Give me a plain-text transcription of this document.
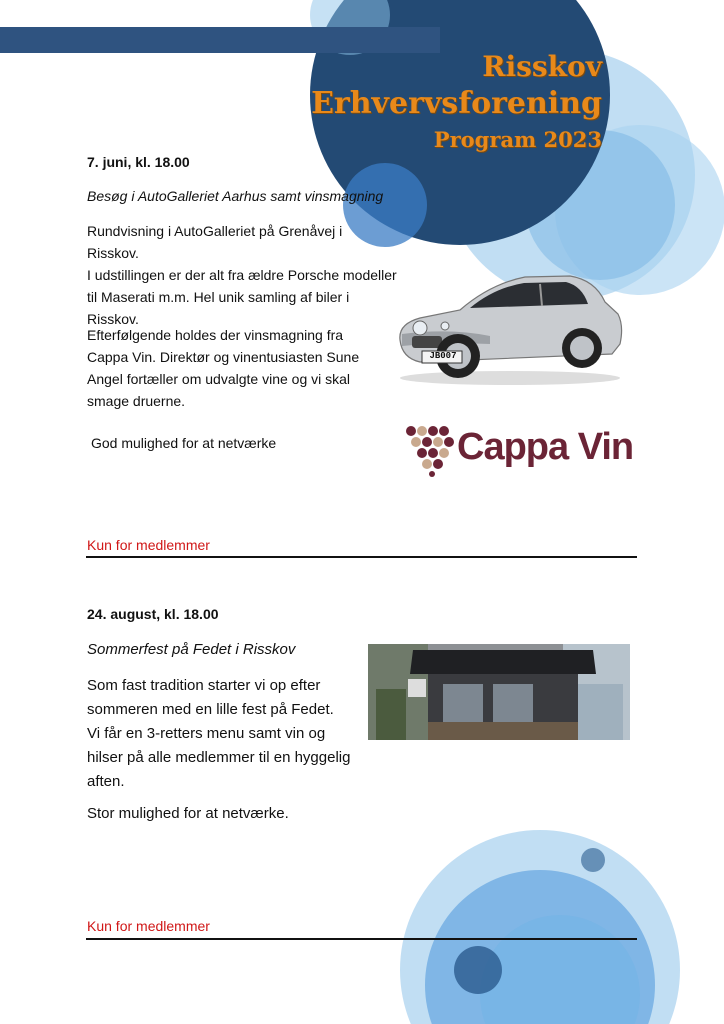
Risskov
Erhvervsforening
Program 2023
7. juni, kl. 18.00
Besøg i AutoGalleriet Aarhus samt vinsmagning
Rundvisning i AutoGalleriet på Grenåvej i Risskov.
I udstillingen er der alt fra ældre Porsche modeller
til Maserati m.m. Hel unik samling af biler i
Risskov.
Efterfølgende holdes der vinsmagning fra
Cappa Vin. Direktør og vinentusiasten Sune
Angel fortæller om udvalgte vine og vi skal
smage druerne.
God mulighed for at netværke
JB007
Cappa Vin
Kun for medlemmer
24. august, kl. 18.00
Sommerfest på Fedet i Risskov
Som fast tradition starter vi op efter
sommeren med en lille fest på Fedet.
Vi får en 3-retters menu samt vin og
hilser på alle medlemmer til en hyggelig
aften.
Stor mulighed for at netværke.
Kun for medlemmer
